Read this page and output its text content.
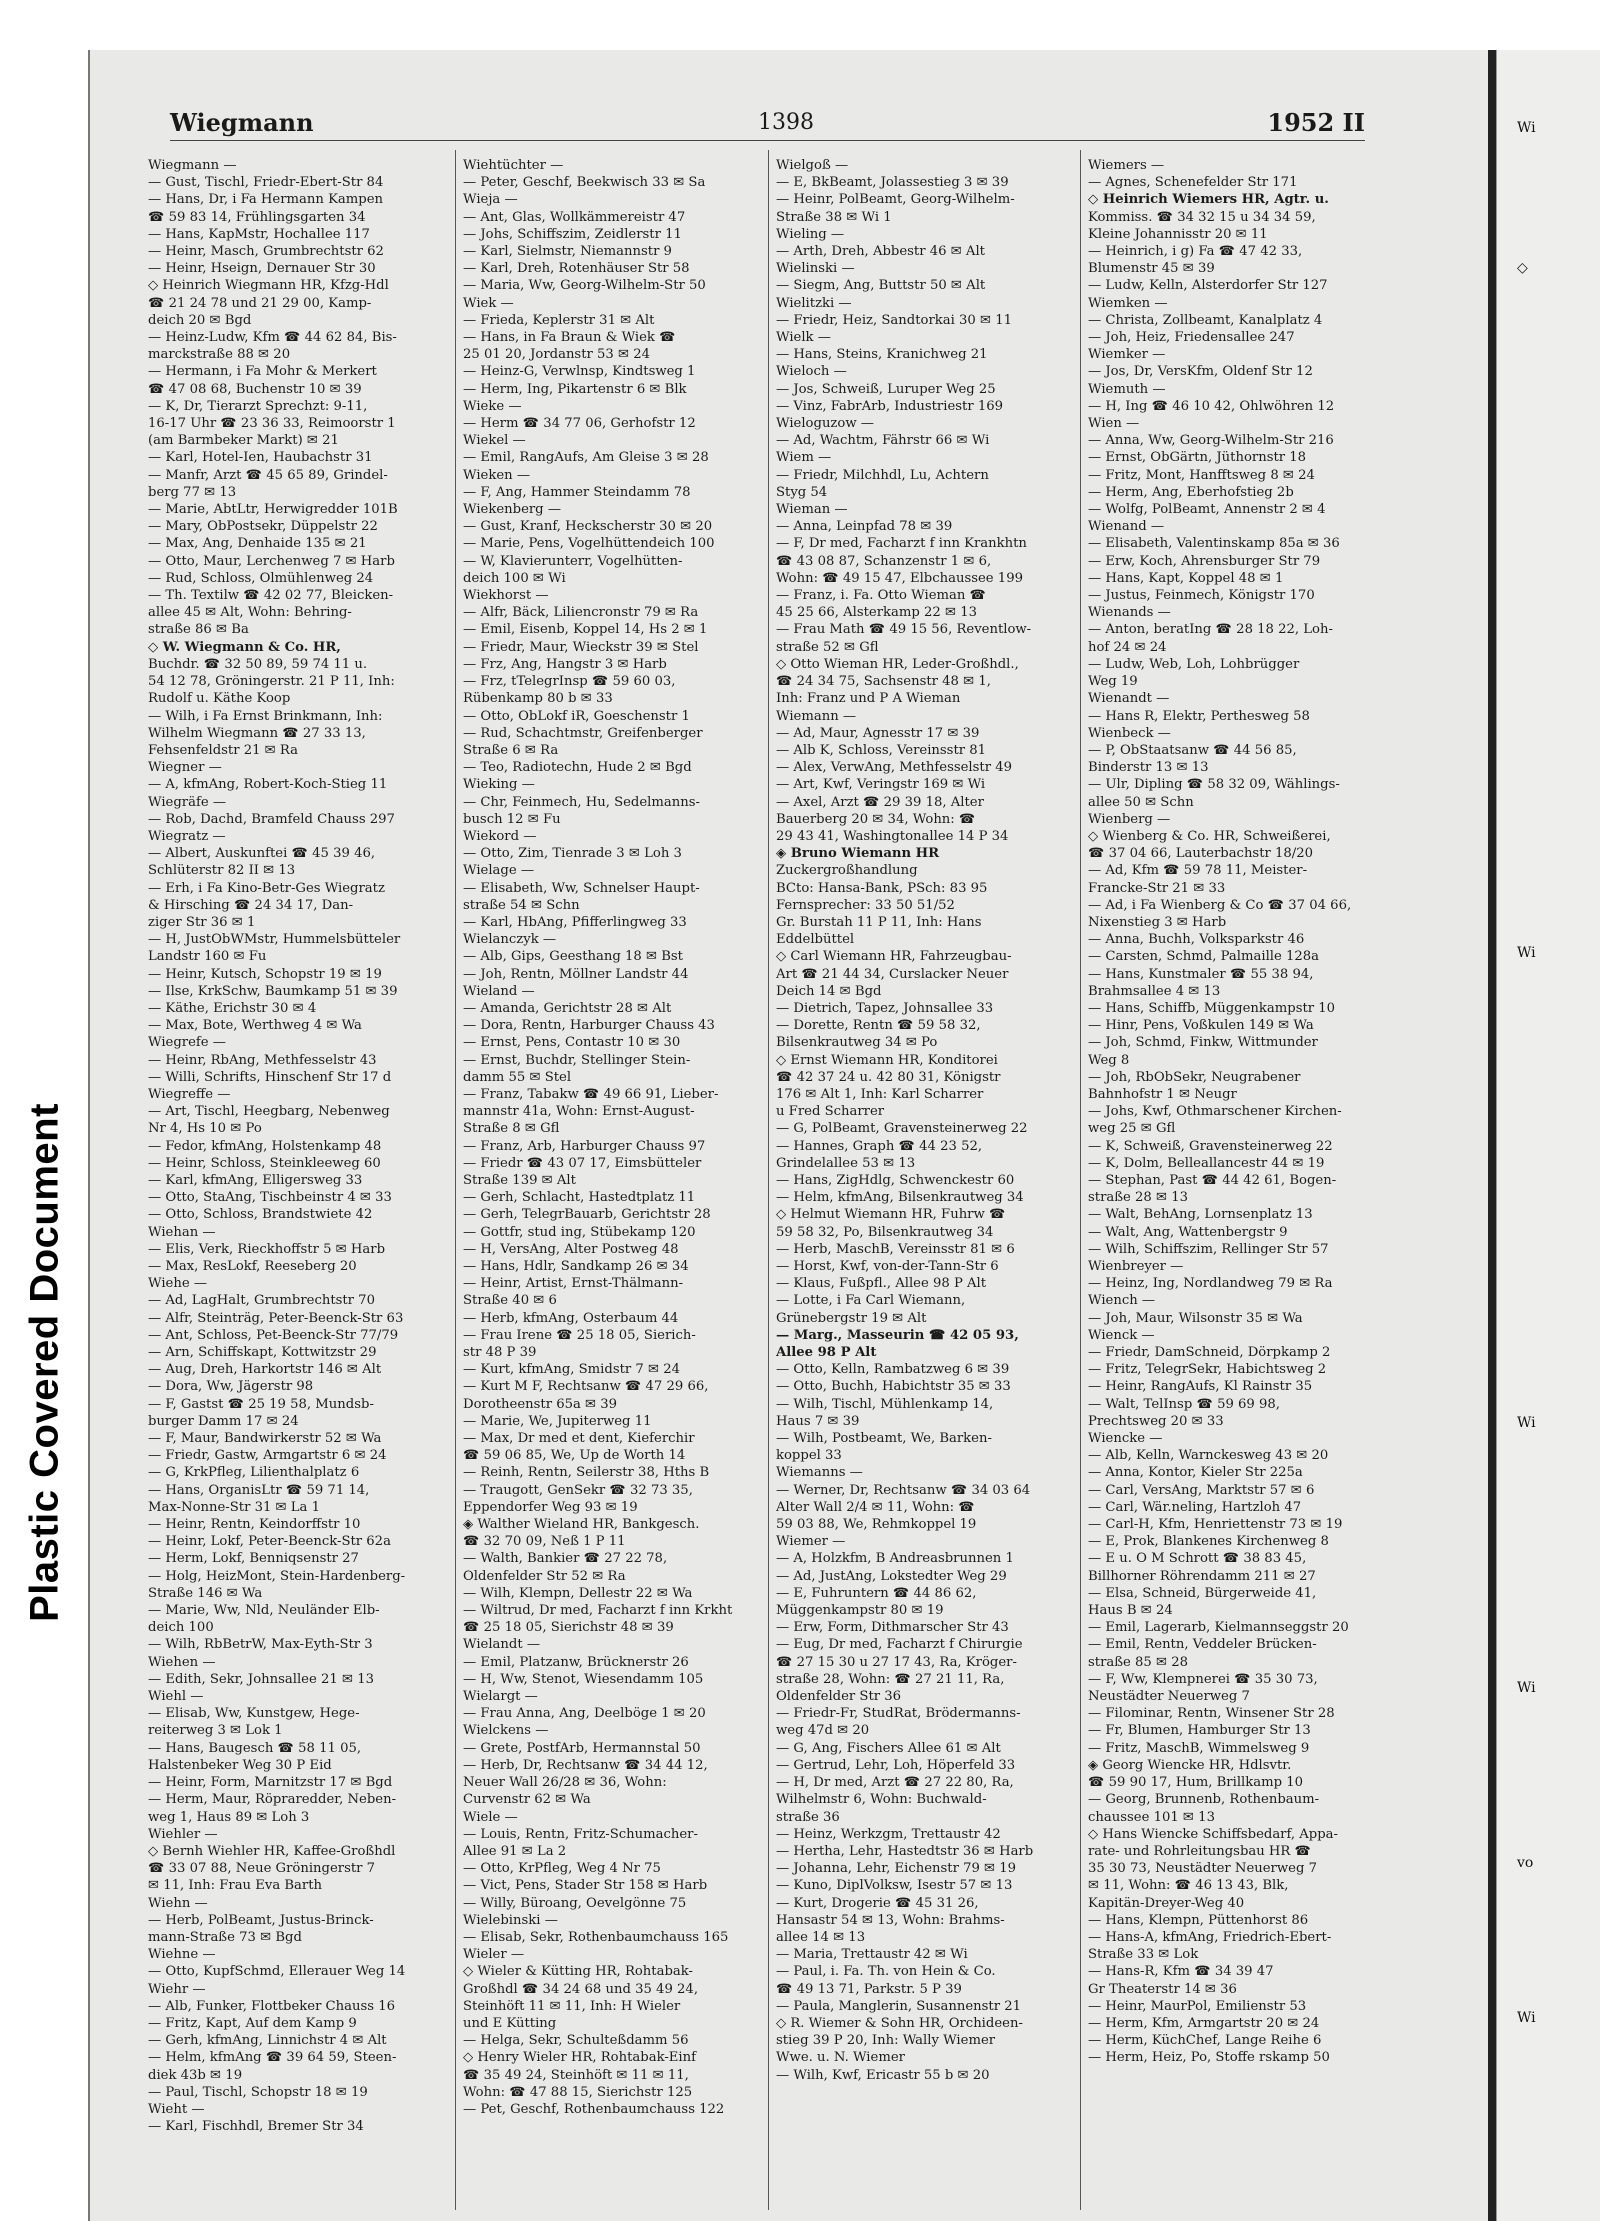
Plastic Covered Document
Wi
◇
Wi
Wi
Wi
vo
Wi
Wiegmann	1398	1952 II
Wiegmann —
— Gust, Tischl, Friedr-Ebert-Str 84
— Hans, Dr, i Fa Hermann Kampen
☎ 59 83 14, Frühlingsgarten 34
— Hans, KapMstr, Hochallee 117
— Heinr, Masch, Grumbrechtstr 62
— Heinr, Hseign, Dernauer Str 30
◇ Heinrich Wiegmann HR, Kfzg-Hdl
☎ 21 24 78 und 21 29 00, Kamp-
deich 20 ✉ Bgd
— Heinz-Ludw, Kfm ☎ 44 62 84, Bis-
marckstraße 88 ✉ 20
— Hermann, i Fa Mohr & Merkert
☎ 47 08 68, Buchenstr 10 ✉ 39
— K, Dr, Tierarzt Sprechzt: 9-11,
16-17 Uhr ☎ 23 36 33, Reimoorstr 1
(am Barmbeker Markt) ✉ 21
— Karl, Hotel-Ien, Haubachstr 31
— Manfr, Arzt ☎ 45 65 89, Grindel-
berg 77 ✉ 13
— Marie, AbtLtr, Herwigredder 101B
— Mary, ObPostsekr, Düppelstr 22
— Max, Ang, Denhaide 135 ✉ 21
— Otto, Maur, Lerchenweg 7 ✉ Harb
— Rud, Schloss, Olmühlenweg 24
— Th. Textilw ☎ 42 02 77, Bleicken-
allee 45 ✉ Alt, Wohn: Behring-
straße 86 ✉ Ba
◇ W. Wiegmann & Co. HR,
Buchdr. ☎ 32 50 89, 59 74 11 u.
54 12 78, Gröningerstr. 21 P 11, Inh:
Rudolf u. Käthe Koop
— Wilh, i Fa Ernst Brinkmann, Inh:
Wilhelm Wiegmann ☎ 27 33 13,
Fehsenfeldstr 21 ✉ Ra
Wiegner —
— A, kfmAng, Robert-Koch-Stieg 11
Wiegräfe —
— Rob, Dachd, Bramfeld Chauss 297
Wiegratz —
— Albert, Auskunftei ☎ 45 39 46,
Schlüterstr 82 II ✉ 13
— Erh, i Fa Kino-Betr-Ges Wiegratz
& Hirsching ☎ 24 34 17, Dan-
ziger Str 36 ✉ 1
— H, JustObWMstr, Hummelsbütteler
Landstr 160 ✉ Fu
— Heinr, Kutsch, Schopstr 19 ✉ 19
— Ilse, KrkSchw, Baumkamp 51 ✉ 39
— Käthe, Erichstr 30 ✉ 4
— Max, Bote, Werthweg 4 ✉ Wa
Wiegrefe —
— Heinr, RbAng, Methfesselstr 43
— Willi, Schrifts, Hinschenf Str 17 d
Wiegreffe —
— Art, Tischl, Heegbarg, Nebenweg
Nr 4, Hs 10 ✉ Po
— Fedor, kfmAng, Holstenkamp 48
— Heinr, Schloss, Steinkleeweg 60
— Karl, kfmAng, Elligersweg 33
— Otto, StaAng, Tischbeinstr 4 ✉ 33
— Otto, Schloss, Brandstwiete 42
Wiehan —
— Elis, Verk, Rieckhoffstr 5 ✉ Harb
— Max, ResLokf, Reeseberg 20
Wiehe —
— Ad, LagHalt, Grumbrechtstr 70
— Alfr, Steinträg, Peter-Beenck-Str 63
— Ant, Schloss, Pet-Beenck-Str 77/79
— Arn, Schiffskapt, Kottwitzstr 29
— Aug, Dreh, Harkortstr 146 ✉ Alt
— Dora, Ww, Jägerstr 98
— F, Gastst ☎ 25 19 58, Mundsb-
burger Damm 17 ✉ 24
— F, Maur, Bandwirkerstr 52 ✉ Wa
— Friedr, Gastw, Armgartstr 6 ✉ 24
— G, KrkPfleg, Lilienthalplatz 6
— Hans, OrganisLtr ☎ 59 71 14,
Max-Nonne-Str 31 ✉ La 1
— Heinr, Rentn, Keindorffstr 10
— Heinr, Lokf, Peter-Beenck-Str 62a
— Herm, Lokf, Benniqsenstr 27
— Holg, HeizMont, Stein-Hardenberg-
Straße 146 ✉ Wa
— Marie, Ww, Nld, Neuländer Elb-
deich 100
— Wilh, RbBetrW, Max-Eyth-Str 3
Wiehen —
— Edith, Sekr, Johnsallee 21 ✉ 13
Wiehl —
— Elisab, Ww, Kunstgew, Hege-
reiterweg 3 ✉ Lok 1
— Hans, Baugesch ☎ 58 11 05,
Halstenbeker Weg 30 P Eid
— Heinr, Form, Marnitzstr 17 ✉ Bgd
— Herm, Maur, Röpraredder, Neben-
weg 1, Haus 89 ✉ Loh 3
Wiehler —
◇ Bernh Wiehler HR, Kaffee-Großhdl
☎ 33 07 88, Neue Gröningerstr 7
✉ 11, Inh: Frau Eva Barth
Wiehn —
— Herb, PolBeamt, Justus-Brinck-
mann-Straße 73 ✉ Bgd
Wiehne —
— Otto, KupfSchmd, Ellerauer Weg 14
Wiehr —
— Alb, Funker, Flottbeker Chauss 16
— Fritz, Kapt, Auf dem Kamp 9
— Gerh, kfmAng, Linnichstr 4 ✉ Alt
— Helm, kfmAng ☎ 39 64 59, Steen-
diek 43b ✉ 19
— Paul, Tischl, Schopstr 18 ✉ 19
Wieht —
— Karl, Fischhdl, Bremer Str 34
Wiehtüchter —
— Peter, Geschf, Beekwisch 33 ✉ Sa
Wieja —
— Ant, Glas, Wollkämmereistr 47
— Johs, Schiffszim, Zeidlerstr 11
— Karl, Sielmstr, Niemannstr 9
— Karl, Dreh, Rotenhäuser Str 58
— Maria, Ww, Georg-Wilhelm-Str 50
Wiek —
— Frieda, Keplerstr 31 ✉ Alt
— Hans, in Fa Braun & Wiek ☎
25 01 20, Jordanstr 53 ✉ 24
— Heinz-G, Verwlnsp, Kindtsweg 1
— Herm, Ing, Pikartenstr 6 ✉ Blk
Wieke —
— Herm ☎ 34 77 06, Gerhofstr 12
Wiekel —
— Emil, RangAufs, Am Gleise 3 ✉ 28
Wieken —
— F, Ang, Hammer Steindamm 78
Wiekenberg —
— Gust, Kranf, Heckscherstr 30 ✉ 20
— Marie, Pens, Vogelhüttendeich 100
— W, Klavierunterr, Vogelhütten-
deich 100 ✉ Wi
Wiekhorst —
— Alfr, Bäck, Liliencronstr 79 ✉ Ra
— Emil, Eisenb, Koppel 14, Hs 2 ✉ 1
— Friedr, Maur, Wieckstr 39 ✉ Stel
— Frz, Ang, Hangstr 3 ✉ Harb
— Frz, tTelegrInsp ☎ 59 60 03,
Rübenkamp 80 b ✉ 33
— Otto, ObLokf iR, Goeschenstr 1
— Rud, Schachtmstr, Greifenberger
Straße 6 ✉ Ra
— Teo, Radiotechn, Hude 2 ✉ Bgd
Wieking —
— Chr, Feinmech, Hu, Sedelmanns-
busch 12 ✉ Fu
Wiekord —
— Otto, Zim, Tienrade 3 ✉ Loh 3
Wielage —
— Elisabeth, Ww, Schnelser Haupt-
straße 54 ✉ Schn
— Karl, HbAng, Pfifferlingweg 33
Wielanczyk —
— Alb, Gips, Geesthang 18 ✉ Bst
— Joh, Rentn, Möllner Landstr 44
Wieland —
— Amanda, Gerichtstr 28 ✉ Alt
— Dora, Rentn, Harburger Chauss 43
— Ernst, Pens, Contastr 10 ✉ 30
— Ernst, Buchdr, Stellinger Stein-
damm 55 ✉ Stel
— Franz, Tabakw ☎ 49 66 91, Lieber-
mannstr 41a, Wohn: Ernst-August-
Straße 8 ✉ Gfl
— Franz, Arb, Harburger Chauss 97
— Friedr ☎ 43 07 17, Eimsbütteler
Straße 139 ✉ Alt
— Gerh, Schlacht, Hastedtplatz 11
— Gerh, TelegrBauarb, Gerichtstr 28
— Gottfr, stud ing, Stübekamp 120
— H, VersAng, Alter Postweg 48
— Hans, Hdlr, Sandkamp 26 ✉ 34
— Heinr, Artist, Ernst-Thälmann-
Straße 40 ✉ 6
— Herb, kfmAng, Osterbaum 44
— Frau Irene ☎ 25 18 05, Sierich-
str 48 P 39
— Kurt, kfmAng, Smidstr 7 ✉ 24
— Kurt M F, Rechtsanw ☎ 47 29 66,
Dorotheenstr 65a ✉ 39
— Marie, We, Jupiterweg 11
— Max, Dr med et dent, Kieferchir
☎ 59 06 85, We, Up de Worth 14
— Reinh, Rentn, Seilerstr 38, Hths B
— Traugott, GenSekr ☎ 32 73 35,
Eppendorfer Weg 93 ✉ 19
◈ Walther Wieland HR, Bankgesch.
☎ 32 70 09, Neß 1 P 11
— Walth, Bankier ☎ 27 22 78,
Oldenfelder Str 52 ✉ Ra
— Wilh, Klempn, Dellestr 22 ✉ Wa
— Wiltrud, Dr med, Facharzt f inn Krkht
☎ 25 18 05, Sierichstr 48 ✉ 39
Wielandt —
— Emil, Platzanw, Brücknerstr 26
— H, Ww, Stenot, Wiesendamm 105
Wielargt —
— Frau Anna, Ang, Deelböge 1 ✉ 20
Wielckens —
— Grete, PostfArb, Hermannstal 50
— Herb, Dr, Rechtsanw ☎ 34 44 12,
Neuer Wall 26/28 ✉ 36, Wohn:
Curvenstr 62 ✉ Wa
Wiele —
— Louis, Rentn, Fritz-Schumacher-
Allee 91 ✉ La 2
— Otto, KrPfleg, Weg 4 Nr 75
— Vict, Pens, Stader Str 158 ✉ Harb
— Willy, Büroang, Oevelgönne 75
Wielebinski —
— Elisab, Sekr, Rothenbaumchauss 165
Wieler —
◇ Wieler & Kütting HR, Rohtabak-
Großhdl ☎ 34 24 68 und 35 49 24,
Steinhöft 11 ✉ 11, Inh: H Wieler
und E Kütting
— Helga, Sekr, Schulteßdamm 56
◇ Henry Wieler HR, Rohtabak-Einf
☎ 35 49 24, Steinhöft ✉ 11 ✉ 11,
Wohn: ☎ 47 88 15, Sierichstr 125
— Pet, Geschf, Rothenbaumchauss 122
Wielgoß —
— E, BkBeamt, Jolassestieg 3 ✉ 39
— Heinr, PolBeamt, Georg-Wilhelm-
Straße 38 ✉ Wi 1
Wieling —
— Arth, Dreh, Abbestr 46 ✉ Alt
Wielinski —
— Siegm, Ang, Buttstr 50 ✉ Alt
Wielitzki —
— Friedr, Heiz, Sandtorkai 30 ✉ 11
Wielk —
— Hans, Steins, Kranichweg 21
Wieloch —
— Jos, Schweiß, Luruper Weg 25
— Vinz, FabrArb, Industriestr 169
Wieloguzow —
— Ad, Wachtm, Fährstr 66 ✉ Wi
Wiem —
— Friedr, Milchhdl, Lu, Achtern
Styg 54
Wieman —
— Anna, Leinpfad 78 ✉ 39
— F, Dr med, Facharzt f inn Krankhtn
☎ 43 08 87, Schanzenstr 1 ✉ 6,
Wohn: ☎ 49 15 47, Elbchaussee 199
— Franz, i. Fa. Otto Wieman ☎
45 25 66, Alsterkamp 22 ✉ 13
— Frau Math ☎ 49 15 56, Reventlow-
straße 52 ✉ Gfl
◇ Otto Wieman HR, Leder-Großhdl.,
☎ 24 34 75, Sachsenstr 48 ✉ 1,
Inh: Franz und P A Wieman
Wiemann —
— Ad, Maur, Agnesstr 17 ✉ 39
— Alb K, Schloss, Vereinsstr 81
— Alex, VerwAng, Methfesselstr 49
— Art, Kwf, Veringstr 169 ✉ Wi
— Axel, Arzt ☎ 29 39 18, Alter
Bauerberg 20 ✉ 34, Wohn: ☎
29 43 41, Washingtonallee 14 P 34
◈ Bruno Wiemann HR
Zuckergroßhandlung
BCto: Hansa-Bank, PSch: 83 95
Fernsprecher: 33 50 51/52
Gr. Burstah 11 P 11, Inh: Hans
Eddelbüttel
◇ Carl Wiemann HR, Fahrzeugbau-
Art ☎ 21 44 34, Curslacker Neuer
Deich 14 ✉ Bgd
— Dietrich, Tapez, Johnsallee 33
— Dorette, Rentn ☎ 59 58 32,
Bilsenkrautweg 34 ✉ Po
◇ Ernst Wiemann HR, Konditorei
☎ 42 37 24 u. 42 80 31, Königstr
176 ✉ Alt 1, Inh: Karl Scharrer
u Fred Scharrer
— G, PolBeamt, Gravensteinerweg 22
— Hannes, Graph ☎ 44 23 52,
Grindelallee 53 ✉ 13
— Hans, ZigHdlg, Schwenckestr 60
— Helm, kfmAng, Bilsenkrautweg 34
◇ Helmut Wiemann HR, Fuhrw ☎
59 58 32, Po, Bilsenkrautweg 34
— Herb, MaschB, Vereinsstr 81 ✉ 6
— Horst, Kwf, von-der-Tann-Str 6
— Klaus, Fußpfl., Allee 98 P Alt
— Lotte, i Fa Carl Wiemann,
Grünebergstr 19 ✉ Alt
— Marg., Masseurin ☎ 42 05 93,
Allee 98 P Alt
— Otto, Kelln, Rambatzweg 6 ✉ 39
— Otto, Buchh, Habichtstr 35 ✉ 33
— Wilh, Tischl, Mühlenkamp 14,
Haus 7 ✉ 39
— Wilh, Postbeamt, We, Barken-
koppel 33
Wiemanns —
— Werner, Dr, Rechtsanw ☎ 34 03 64
Alter Wall 2/4 ✉ 11, Wohn: ☎
59 03 88, We, Rehmkoppel 19
Wiemer —
— A, Holzkfm, B Andreasbrunnen 1
— Ad, JustAng, Lokstedter Weg 29
— E, Fuhruntern ☎ 44 86 62,
Müggenkampstr 80 ✉ 19
— Erw, Form, Dithmarscher Str 43
— Eug, Dr med, Facharzt f Chirurgie
☎ 27 15 30 u 27 17 43, Ra, Kröger-
straße 28, Wohn: ☎ 27 21 11, Ra,
Oldenfelder Str 36
— Friedr-Fr, StudRat, Brödermanns-
weg 47d ✉ 20
— G, Ang, Fischers Allee 61 ✉ Alt
— Gertrud, Lehr, Loh, Höperfeld 33
— H, Dr med, Arzt ☎ 27 22 80, Ra,
Wilhelmstr 6, Wohn: Buchwald-
straße 36
— Heinz, Werkzgm, Trettaustr 42
— Hertha, Lehr, Hastedtstr 36 ✉ Harb
— Johanna, Lehr, Eichenstr 79 ✉ 19
— Kuno, DiplVolksw, Isestr 57 ✉ 13
— Kurt, Drogerie ☎ 45 31 26,
Hansastr 54 ✉ 13, Wohn: Brahms-
allee 14 ✉ 13
— Maria, Trettaustr 42 ✉ Wi
— Paul, i. Fa. Th. von Hein & Co.
☎ 49 13 71, Parkstr. 5 P 39
— Paula, Manglerin, Susannenstr 21
◇ R. Wiemer & Sohn HR, Orchideen-
stieg 39 P 20, Inh: Wally Wiemer
Wwe. u. N. Wiemer
— Wilh, Kwf, Ericastr 55 b ✉ 20
Wiemers —
— Agnes, Schenefelder Str 171
◇ Heinrich Wiemers HR, Agtr. u.
Kommiss. ☎ 34 32 15 u 34 34 59,
Kleine Johannisstr 20 ✉ 11
— Heinrich, i g) Fa ☎ 47 42 33,
Blumenstr 45 ✉ 39
— Ludw, Kelln, Alsterdorfer Str 127
Wiemken —
— Christa, Zollbeamt, Kanalplatz 4
— Joh, Heiz, Friedensallee 247
Wiemker —
— Jos, Dr, VersKfm, Oldenf Str 12
Wiemuth —
— H, Ing ☎ 46 10 42, Ohlwöhren 12
Wien —
— Anna, Ww, Georg-Wilhelm-Str 216
— Ernst, ObGärtn, Jüthornstr 18
— Fritz, Mont, Hanfftsweg 8 ✉ 24
— Herm, Ang, Eberhofstieg 2b
— Wolfg, PolBeamt, Annenstr 2 ✉ 4
Wienand —
— Elisabeth, Valentinskamp 85a ✉ 36
— Erw, Koch, Ahrensburger Str 79
— Hans, Kapt, Koppel 48 ✉ 1
— Justus, Feinmech, Königstr 170
Wienands —
— Anton, beratIng ☎ 28 18 22, Loh-
hof 24 ✉ 24
— Ludw, Web, Loh, Lohbrügger
Weg 19
Wienandt —
— Hans R, Elektr, Perthesweg 58
Wienbeck —
— P, ObStaatsanw ☎ 44 56 85,
Binderstr 13 ✉ 13
— Ulr, Dipling ☎ 58 32 09, Wählings-
allee 50 ✉ Schn
Wienberg —
◇ Wienberg & Co. HR, Schweißerei,
☎ 37 04 66, Lauterbachstr 18/20
— Ad, Kfm ☎ 59 78 11, Meister-
Francke-Str 21 ✉ 33
— Ad, i Fa Wienberg & Co ☎ 37 04 66,
Nixenstieg 3 ✉ Harb
— Anna, Buchh, Volksparkstr 46
— Carsten, Schmd, Palmaille 128a
— Hans, Kunstmaler ☎ 55 38 94,
Brahmsallee 4 ✉ 13
— Hans, Schiffb, Müggenkampstr 10
— Hinr, Pens, Voßkulen 149 ✉ Wa
— Joh, Schmd, Finkw, Wittmunder
Weg 8
— Joh, RbObSekr, Neugrabener
Bahnhofstr 1 ✉ Neugr
— Johs, Kwf, Othmarschener Kirchen-
weg 25 ✉ Gfl
— K, Schweiß, Gravensteinerweg 22
— K, Dolm, Belleallancestr 44 ✉ 19
— Stephan, Past ☎ 44 42 61, Bogen-
straße 28 ✉ 13
— Walt, BehAng, Lornsenplatz 13
— Walt, Ang, Wattenbergstr 9
— Wilh, Schiffszim, Rellinger Str 57
Wienbreyer —
— Heinz, Ing, Nordlandweg 79 ✉ Ra
Wiench —
— Joh, Maur, Wilsonstr 35 ✉ Wa
Wienck —
— Friedr, DamSchneid, Dörpkamp 2
— Fritz, TelegrSekr, Habichtsweg 2
— Heinr, RangAufs, Kl Rainstr 35
— Walt, TelInsp ☎ 59 69 98,
Prechtsweg 20 ✉ 33
Wiencke —
— Alb, Kelln, Warnckesweg 43 ✉ 20
— Anna, Kontor, Kieler Str 225a
— Carl, VersAng, Marktstr 57 ✉ 6
— Carl, Wär.neling, Hartzloh 47
— Carl-H, Kfm, Henriettenstr 73 ✉ 19
— E, Prok, Blankenes Kirchenweg 8
— E u. O M Schrott ☎ 38 83 45,
Billhorner Röhrendamm 211 ✉ 27
— Elsa, Schneid, Bürgerweide 41,
Haus B ✉ 24
— Emil, Lagerarb, Kielmannseggstr 20
— Emil, Rentn, Veddeler Brücken-
straße 85 ✉ 28
— F, Ww, Klempnerei ☎ 35 30 73,
Neustädter Neuerweg 7
— Filominar, Rentn, Winsener Str 28
— Fr, Blumen, Hamburger Str 13
— Fritz, MaschB, Wimmelsweg 9
◈ Georg Wiencke HR, Hdlsvtr.
☎ 59 90 17, Hum, Brillkamp 10
— Georg, Brunnenb, Rothenbaum-
chaussee 101 ✉ 13
◇ Hans Wiencke Schiffsbedarf, Appa-
rate- und Rohrleitungsbau HR ☎
35 30 73, Neustädter Neuerweg 7
✉ 11, Wohn: ☎ 46 13 43, Blk,
Kapitän-Dreyer-Weg 40
— Hans, Klempn, Püttenhorst 86
— Hans-A, kfmAng, Friedrich-Ebert-
Straße 33 ✉ Lok
— Hans-R, Kfm ☎ 34 39 47
Gr Theaterstr 14 ✉ 36
— Heinr, MaurPol, Emilienstr 53
— Herm, Kfm, Armgartstr 20 ✉ 24
— Herm, KüchChef, Lange Reihe 6
— Herm, Heiz, Po, Stoffe rskamp 50
